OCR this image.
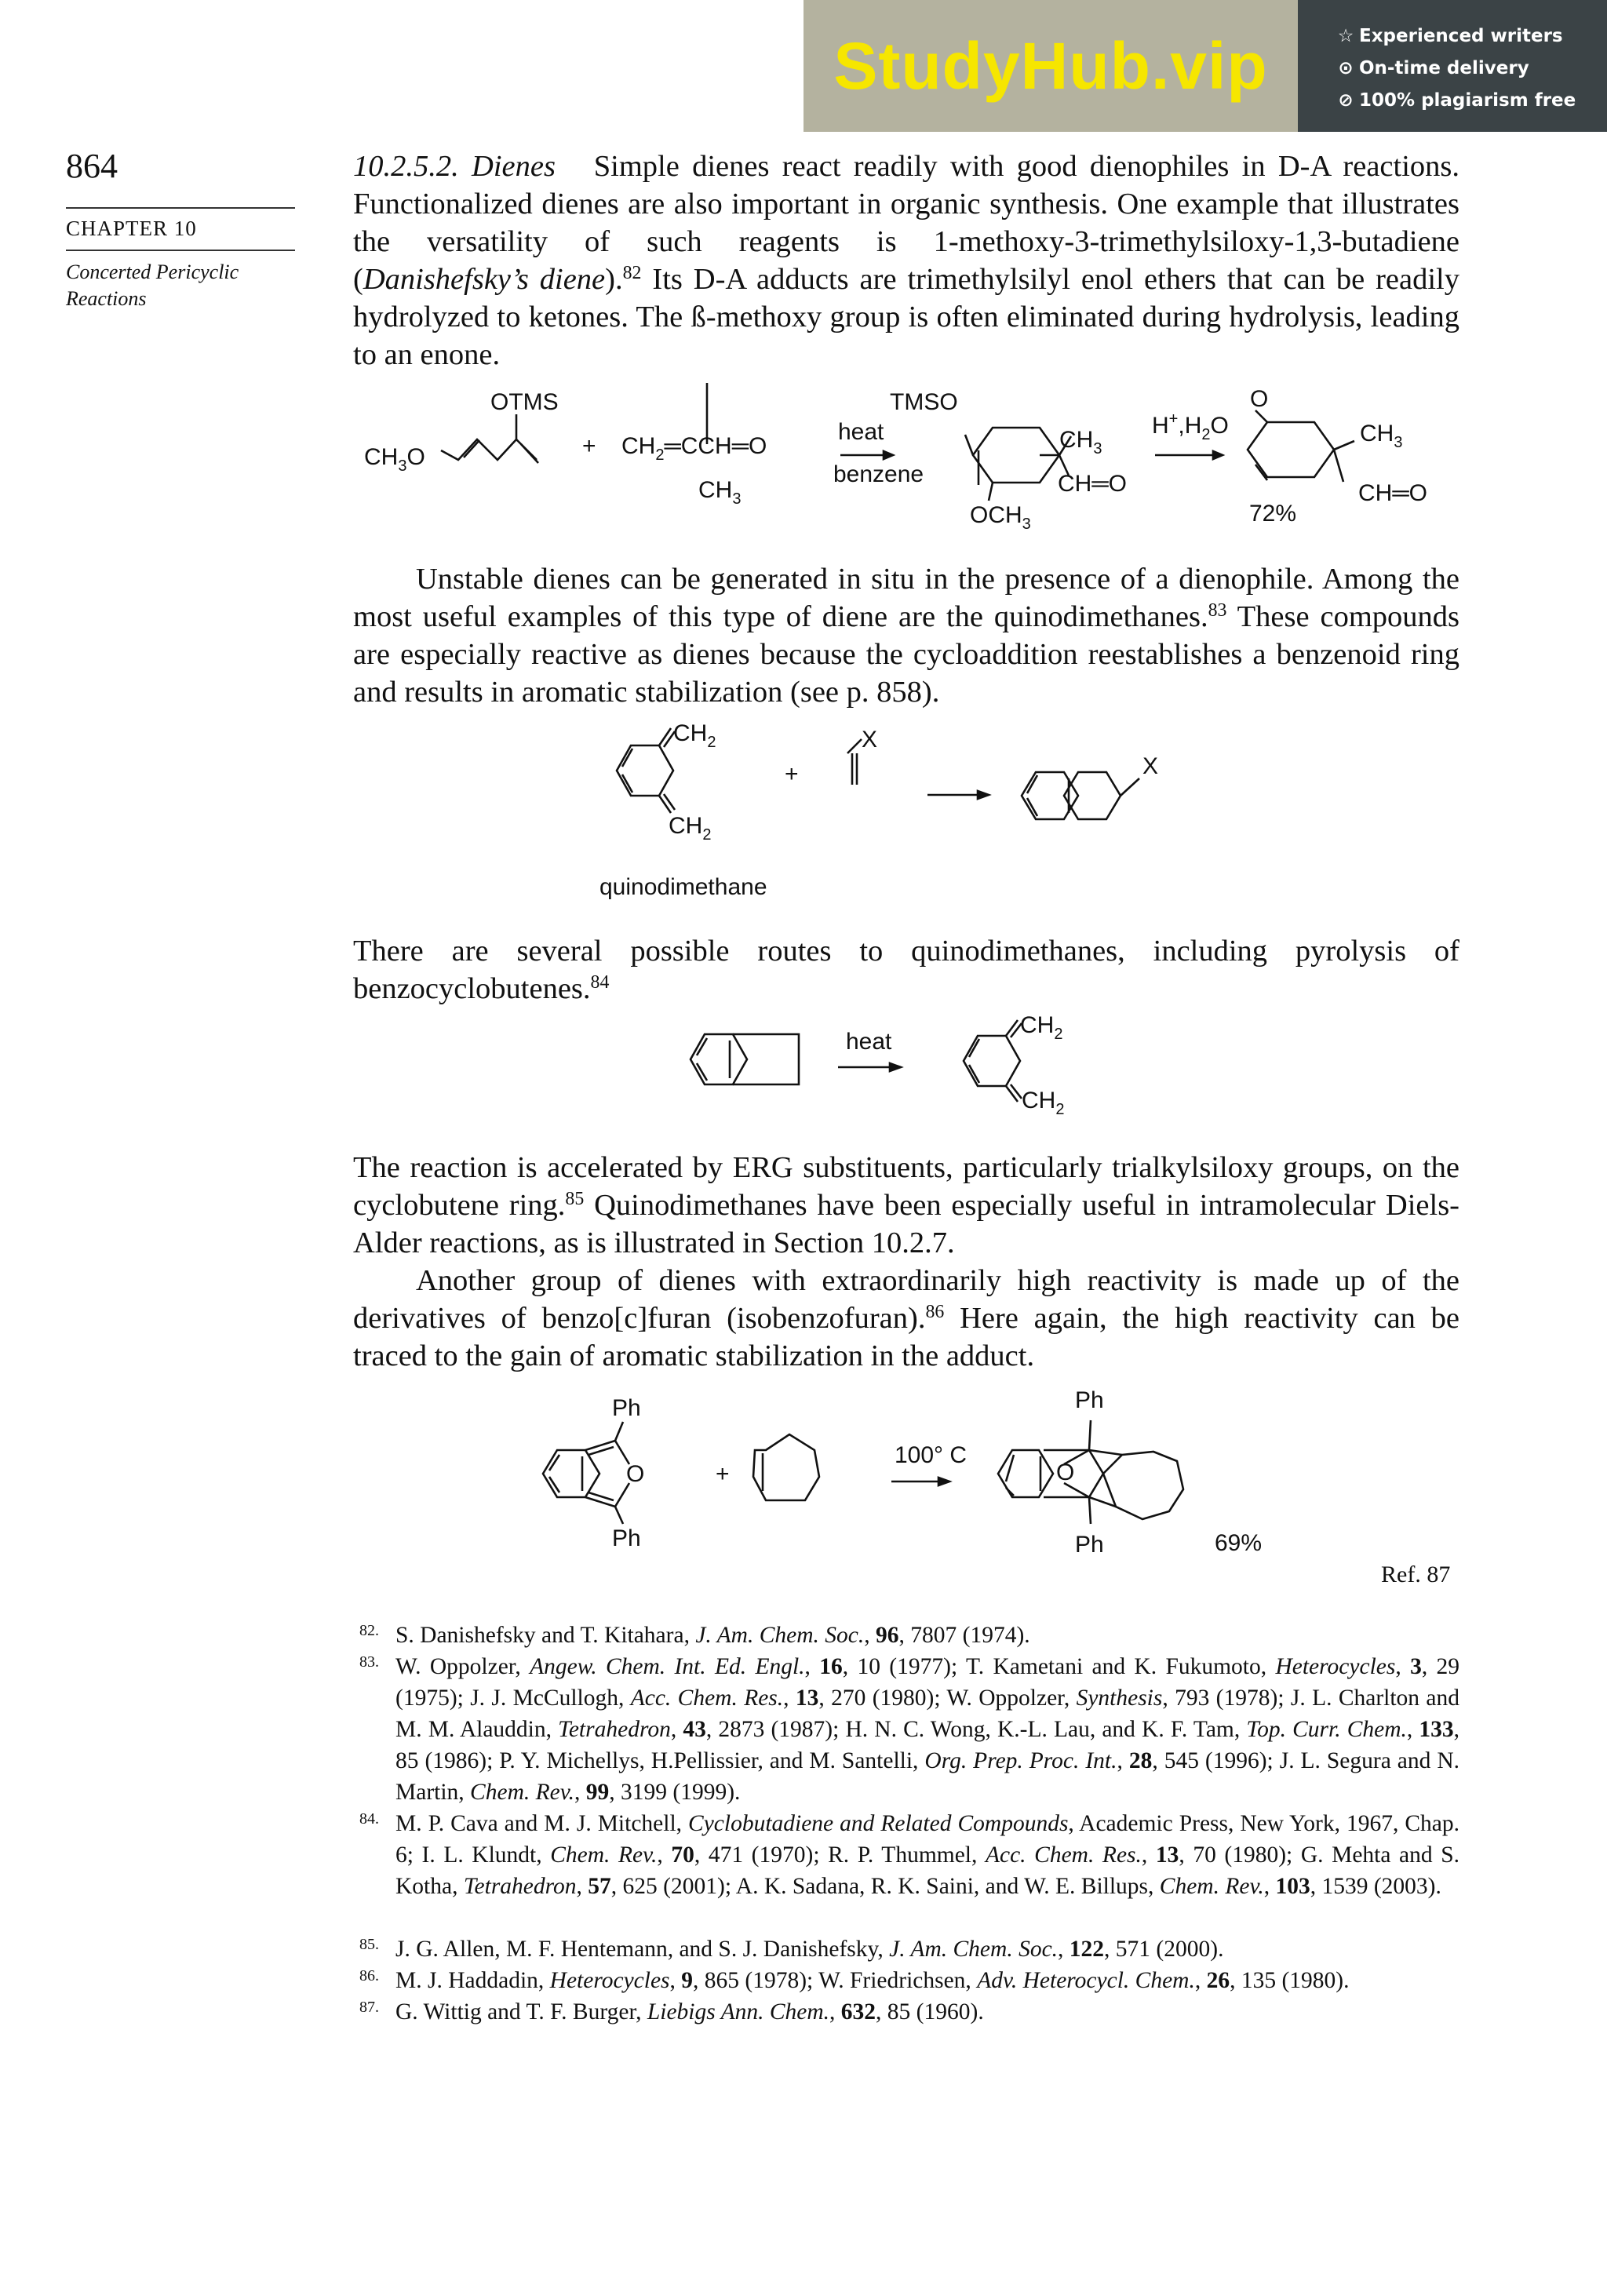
StudyHub.vip	☆ Experienced writers
⊙ On-time delivery
⊘ 100% plagiarism free
864
CHAPTER 10
Concerted Pericyclic
Reactions
10.2.5.2. Dienes Simple dienes react readily with good dienophiles in D-A reactions. Functionalized dienes are also important in organic synthesis. One example that illustrates the versatility of such reagents is 1-methoxy-3-trimethylsiloxy-1,3-butadiene (Danishefsky’s diene).$^{82}$ Its D-A adducts are trimethylsilyl enol ethers that can be readily hydrolyzed to ketones. The ß-methoxy group is often eliminated during hydrolysis, leading to an enone.
OTMS
$CH_3O$	+ $CH_2═CCH═O$
$CH_3$
heat
benzene
TMSO
$CH_3$
CH═O
$OCH_3$
$H^+,H_2O$
O
$CH_3$
CH═O
72%
Unstable dienes can be generated in situ in the presence of a dienophile. Among the most useful examples of this type of diene are the quinodimethanes.$^{83}$ These compounds are especially reactive as dienes because the cycloaddition reestablishes a benzenoid ring and results in aromatic stabilization (see p. 858).
$CH_2$
$CH_2$
+
X
X
quinodimethane
There are several possible routes to quinodimethanes, including pyrolysis of benzocyclobutenes.$^{84}$
heat
$CH_2$
$CH_2$
The reaction is accelerated by ERG substituents, particularly trialkylsiloxy groups, on the cyclobutene ring.$^{85}$ Quinodimethanes have been especially useful in intramolecular Diels-Alder reactions, as is illustrated in Section 10.2.7.
Another group of dienes with extraordinarily high reactivity is made up of the derivatives of benzo[c]furan (isobenzofuran).$^{86}$ Here again, the high reactivity can be traced to the gain of aromatic stabilization in the adduct.
Ph
O
Ph
+
100° C
Ph
O
Ph	69%
Ref. 87
82. S. Danishefsky and T. Kitahara, J. Am. Chem. Soc., 96, 7807 (1974).
83. W. Oppolzer, Angew. Chem. Int. Ed. Engl., 16, 10 (1977); T. Kametani and K. Fukumoto, Heterocycles, 3, 29 (1975); J. J. McCullogh, Acc. Chem. Res., 13, 270 (1980); W. Oppolzer, Synthesis, 793 (1978); J. L. Charlton and M. M. Alauddin, Tetrahedron, 43, 2873 (1987); H. N. C. Wong, K.-L. Lau, and K. F. Tam, Top. Curr. Chem., 133, 85 (1986); P. Y. Michellys, H.Pellissier, and M. Santelli, Org. Prep. Proc. Int., 28, 545 (1996); J. L. Segura and N. Martin, Chem. Rev., 99, 3199 (1999).
84. M. P. Cava and M. J. Mitchell, Cyclobutadiene and Related Compounds, Academic Press, New York, 1967, Chap. 6; I. L. Klundt, Chem. Rev., 70, 471 (1970); R. P. Thummel, Acc. Chem. Res., 13, 70 (1980); G. Mehta and S. Kotha, Tetrahedron, 57, 625 (2001); A. K. Sadana, R. K. Saini, and W. E. Billups, Chem. Rev., 103, 1539 (2003).
85. J. G. Allen, M. F. Hentemann, and S. J. Danishefsky, J. Am. Chem. Soc., 122, 571 (2000).
86. M. J. Haddadin, Heterocycles, 9, 865 (1978); W. Friedrichsen, Adv. Heterocycl. Chem., 26, 135 (1980).
87. G. Wittig and T. F. Burger, Liebigs Ann. Chem., 632, 85 (1960).
